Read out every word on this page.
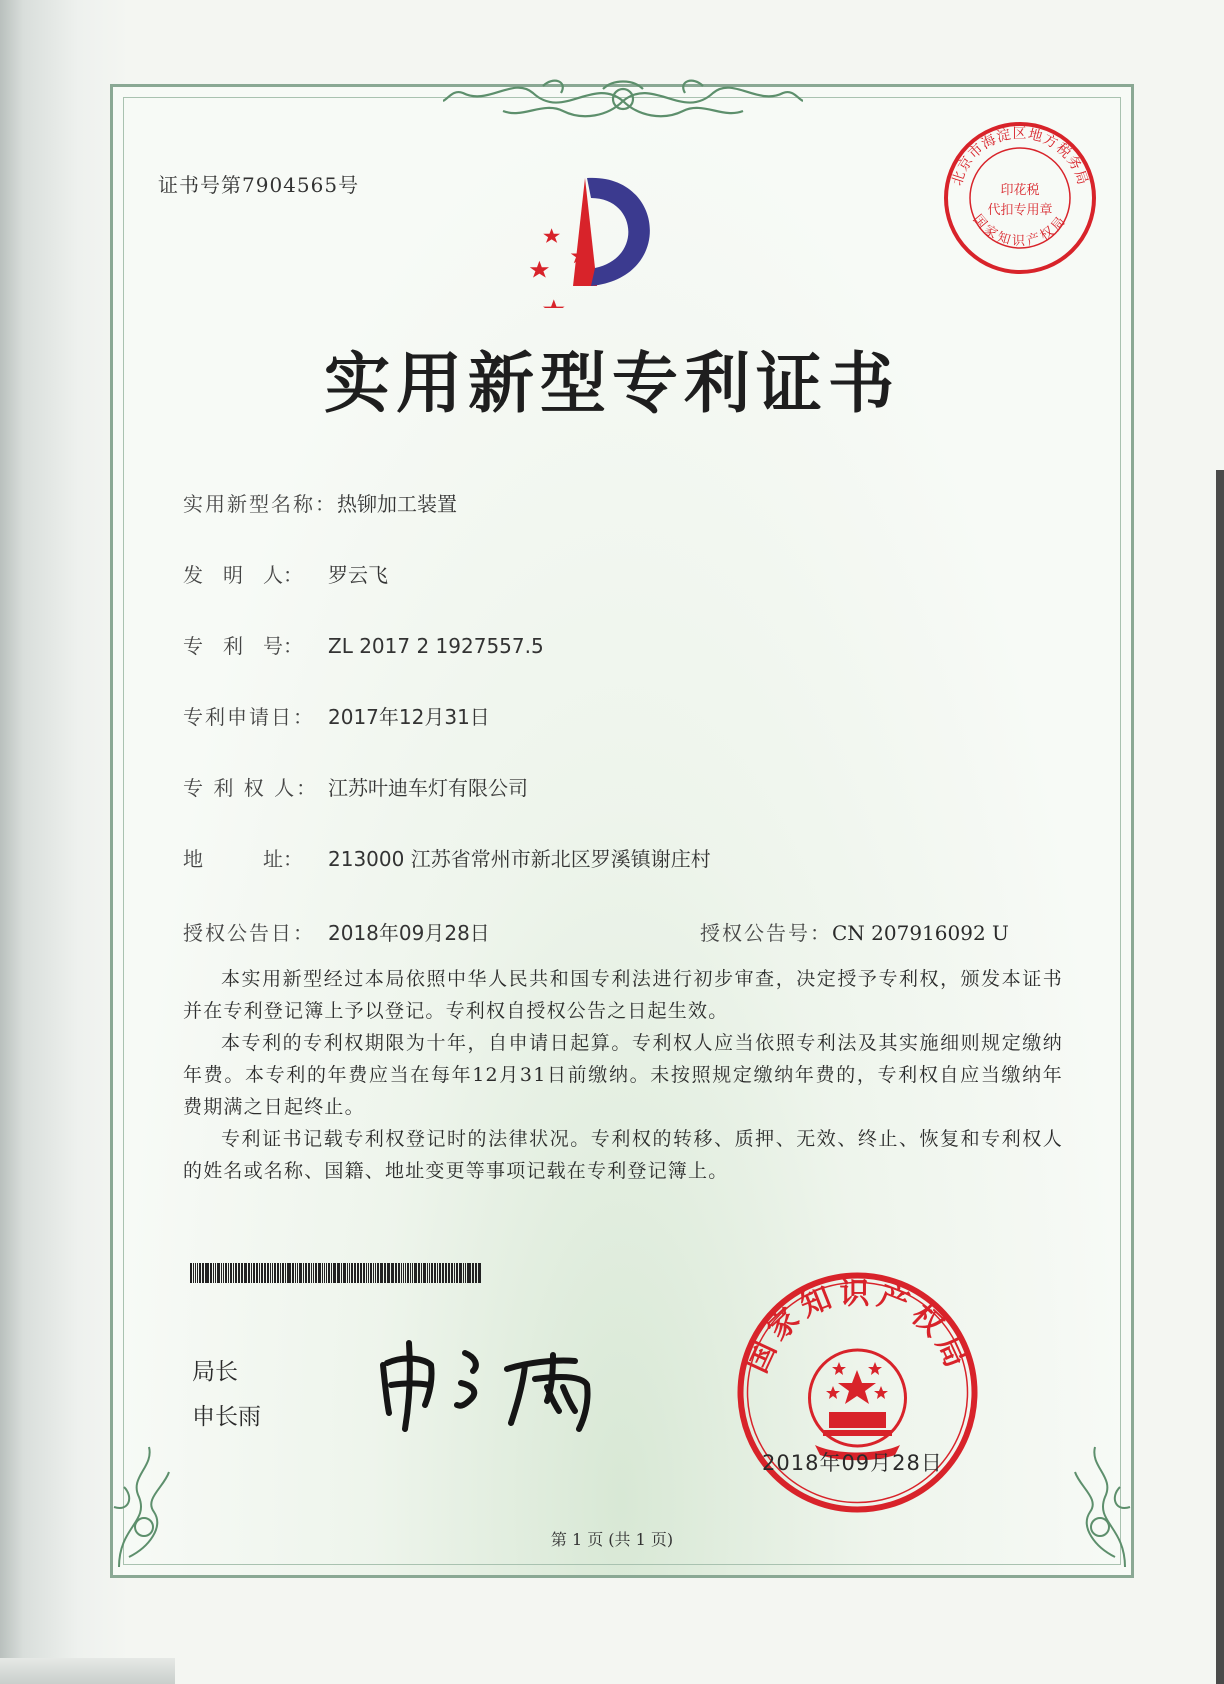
证书号第7904565号	北京市海淀区地方税务局
国家知识产权局
印花税
代扣专用章
实用新型专利证书
实用新型名称：热铆加工装置
发　明　人： 罗云飞
专　利　号： ZL 2017 2 1927557.5
专利申请日： 2017年12月31日
专 利 权 人： 江苏叶迪车灯有限公司
地　　　址： 213000 江苏省常州市新北区罗溪镇谢庄村
授权公告日： 2018年09月28日	授权公告号：CN 207916092 U

本实用新型经过本局依照中华人民共和国专利法进行初步审查，决定授予专利权，颁发本证书并在专利登记簿上予以登记。专利权自授权公告之日起生效。

本专利的专利权期限为十年，自申请日起算。专利权人应当依照专利法及其实施细则规定缴纳年费。本专利的年费应当在每年12月31日前缴纳。未按照规定缴纳年费的，专利权自应当缴纳年费期满之日起终止。

专利证书记载专利权登记时的法律状况。专利权的转移、质押、无效、终止、恢复和专利权人的姓名或名称、国籍、地址变更等事项记载在专利登记簿上。

局长
申长雨
国家知识产权局
2018年09月28日
第 1 页 (共 1 页)
